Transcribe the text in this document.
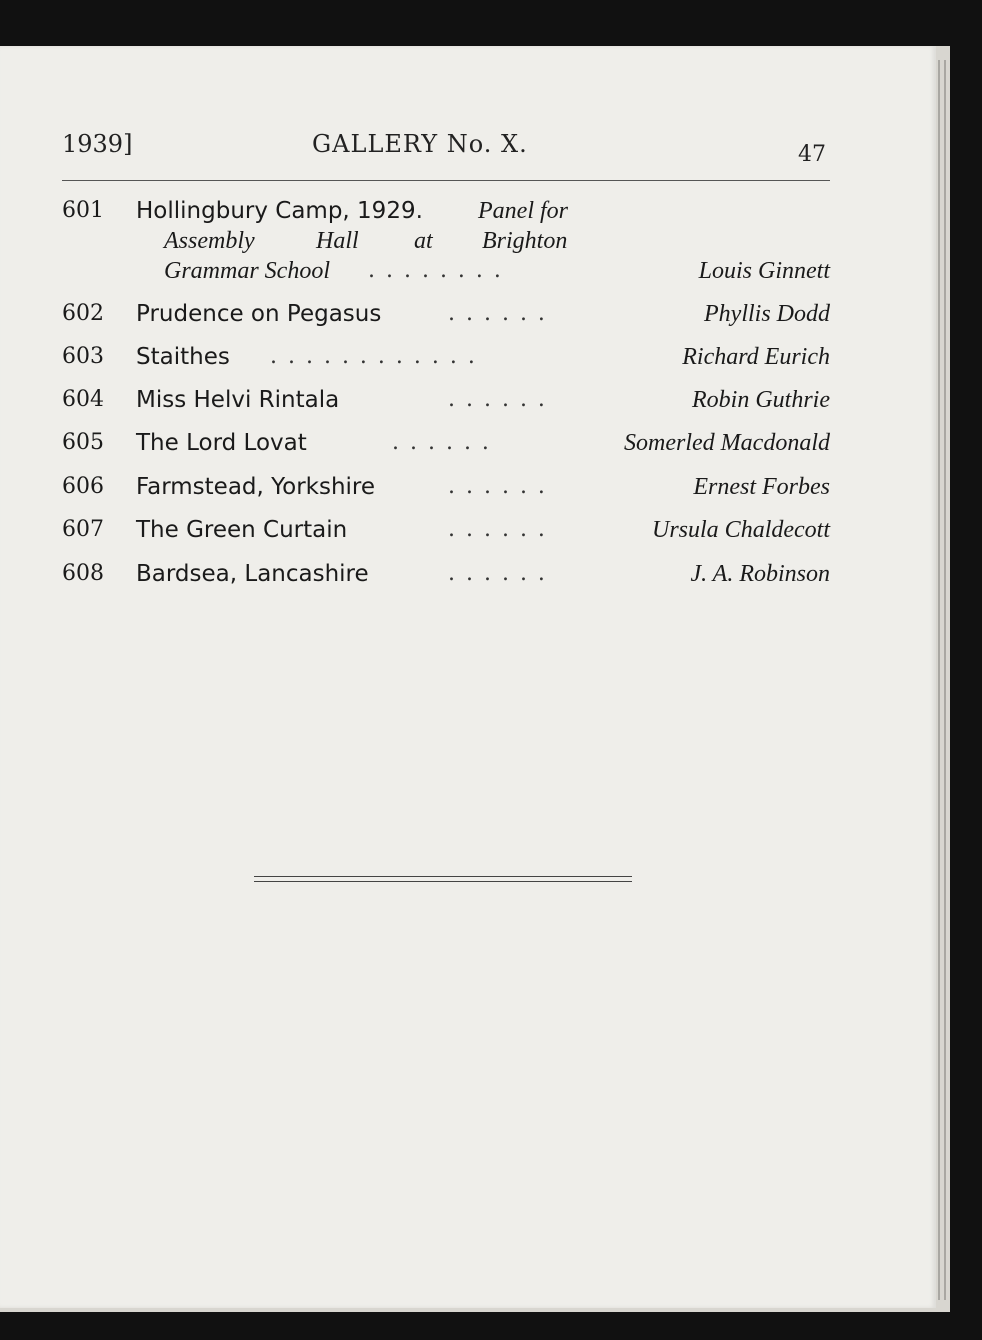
1939]	GALLERY No. X.	47
601 Hollingbury Camp, 1929. Panel for
Assembly	Hall at Brighton
Grammar School . . . . . . . .	Louis Ginnett
602 Prudence on Pegasus	. . . . . .	Phyllis Dodd
603 Staithes . . . . . . . . . . . .	Richard Eurich
604 Miss Helvi Rintala	. . . . . .	Robin Guthrie
605 The Lord Lovat	. . . . . .	Somerled Macdonald
606 Farmstead, Yorkshire	. . . . . .	Ernest Forbes
607 The Green Curtain	. . . . . .	Ursula Chaldecott
608 Bardsea, Lancashire	. . . . . .	J. A. Robinson
